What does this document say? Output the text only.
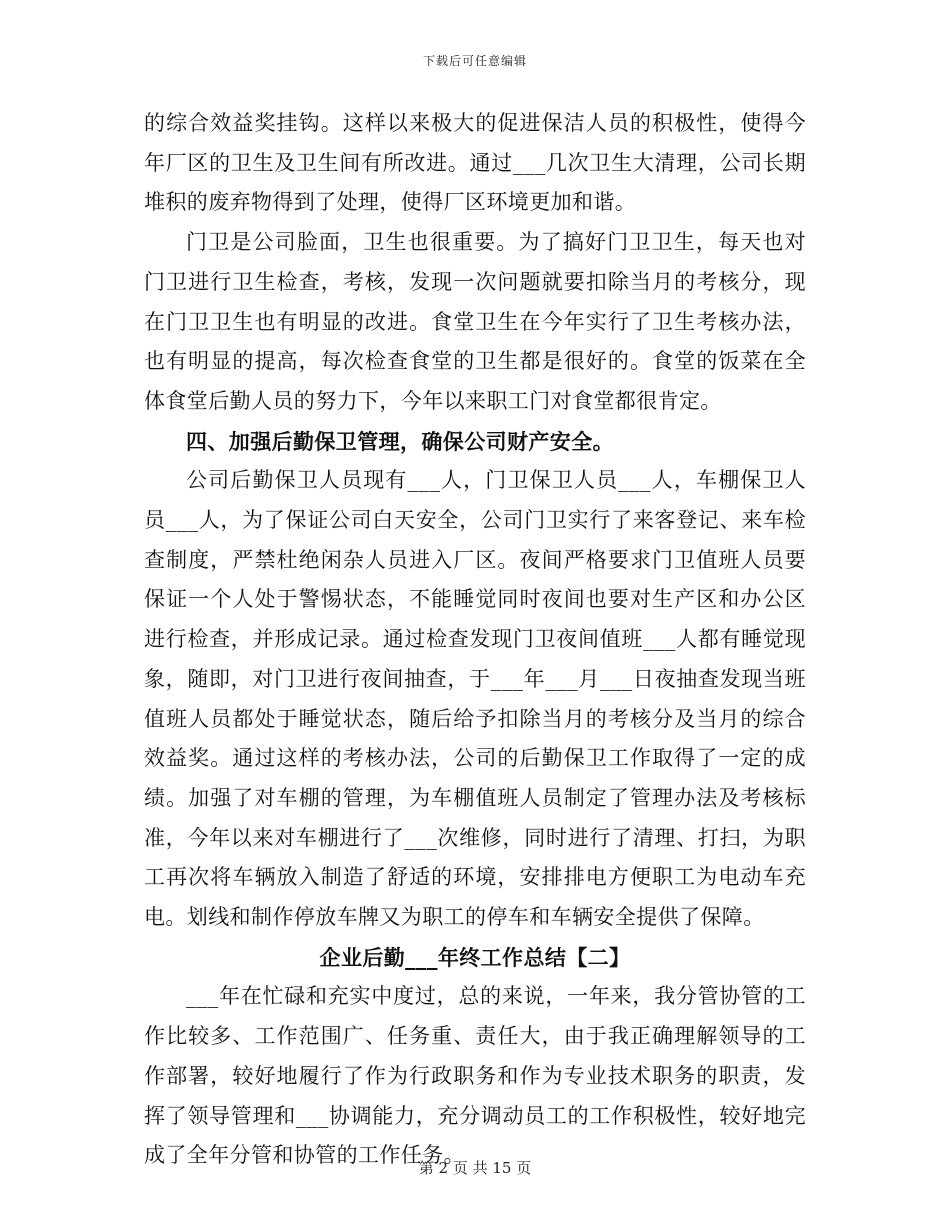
下载后可任意编辑

的综合效益奖挂钩。这样以来极大的促进保洁人员的积极性，使得今年厂区的卫生及卫生间有所改进。通过___几次卫生大清理，公司长期堆积的废弃物得到了处理，使得厂区环境更加和谐。

门卫是公司脸面，卫生也很重要。为了搞好门卫卫生，每天也对门卫进行卫生检查，考核，发现一次问题就要扣除当月的考核分，现在门卫卫生也有明显的改进。食堂卫生在今年实行了卫生考核办法，也有明显的提高，每次检查食堂的卫生都是很好的。食堂的饭菜在全体食堂后勤人员的努力下，今年以来职工门对食堂都很肯定。

四、加强后勤保卫管理，确保公司财产安全。

公司后勤保卫人员现有___人，门卫保卫人员___人，车棚保卫人员___人，为了保证公司白天安全，公司门卫实行了来客登记、来车检查制度，严禁杜绝闲杂人员进入厂区。夜间严格要求门卫值班人员要保证一个人处于警惕状态，不能睡觉同时夜间也要对生产区和办公区进行检查，并形成记录。通过检查发现门卫夜间值班___人都有睡觉现象，随即，对门卫进行夜间抽查，于___年___月___日夜抽查发现当班值班人员都处于睡觉状态，随后给予扣除当月的考核分及当月的综合效益奖。通过这样的考核办法，公司的后勤保卫工作取得了一定的成绩。加强了对车棚的管理，为车棚值班人员制定了管理办法及考核标准，今年以来对车棚进行了___次维修，同时进行了清理、打扫，为职工再次将车辆放入制造了舒适的环境，安排排电方便职工为电动车充电。划线和制作停放车牌又为职工的停车和车辆安全提供了保障。

企业后勤___年终工作总结【二】

___年在忙碌和充实中度过，总的来说，一年来，我分管协管的工作比较多、工作范围广、任务重、责任大，由于我正确理解领导的工作部署，较好地履行了作为行政职务和作为专业技术职务的职责，发挥了领导管理和___协调能力，充分调动员工的工作积极性，较好地完成了全年分管和协管的工作任务。

第 2 页 共 15 页
